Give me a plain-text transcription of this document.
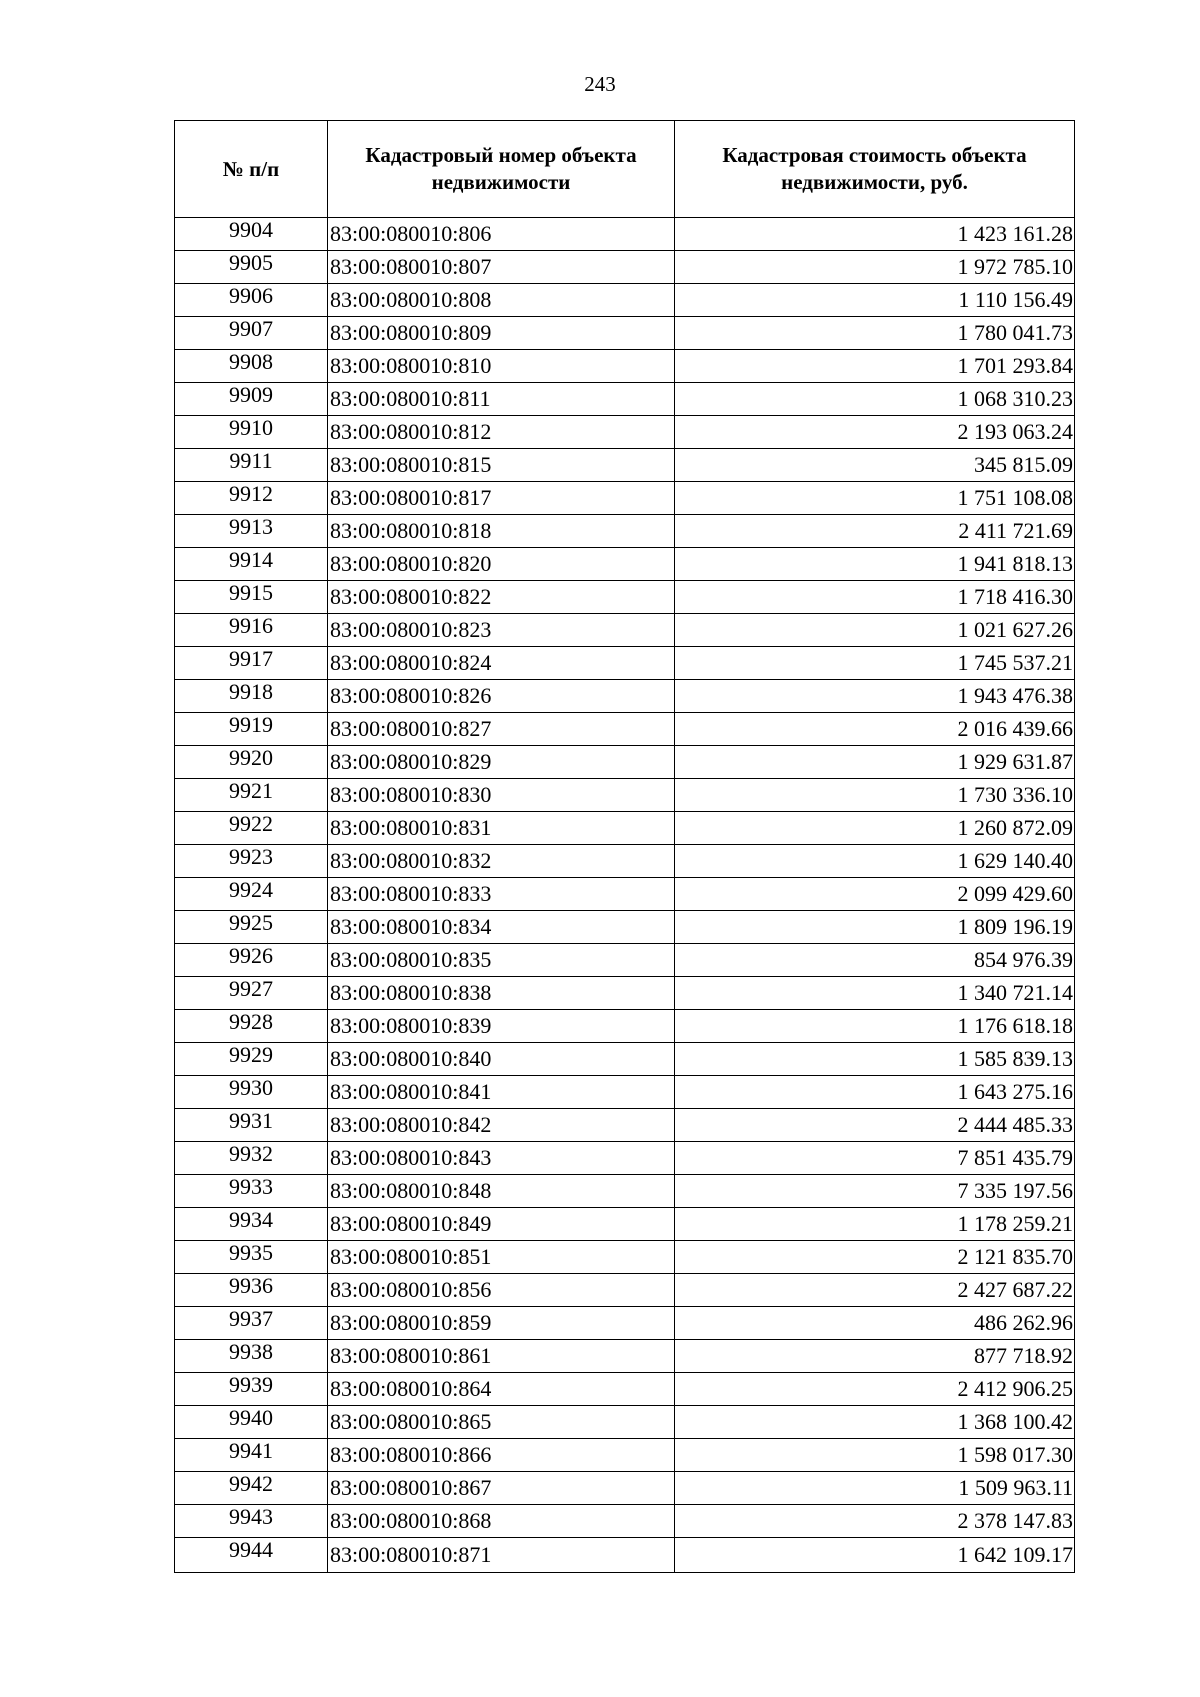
243
№ п/п	Кадастровый номер объекта недвижимости	Кадастровая стоимость объекта недвижимости, руб.
9904	83:00:080010:806	1 423 161.28
9905	83:00:080010:807	1 972 785.10
9906	83:00:080010:808	1 110 156.49
9907	83:00:080010:809	1 780 041.73
9908	83:00:080010:810	1 701 293.84
9909	83:00:080010:811	1 068 310.23
9910	83:00:080010:812	2 193 063.24
9911	83:00:080010:815	345 815.09
9912	83:00:080010:817	1 751 108.08
9913	83:00:080010:818	2 411 721.69
9914	83:00:080010:820	1 941 818.13
9915	83:00:080010:822	1 718 416.30
9916	83:00:080010:823	1 021 627.26
9917	83:00:080010:824	1 745 537.21
9918	83:00:080010:826	1 943 476.38
9919	83:00:080010:827	2 016 439.66
9920	83:00:080010:829	1 929 631.87
9921	83:00:080010:830	1 730 336.10
9922	83:00:080010:831	1 260 872.09
9923	83:00:080010:832	1 629 140.40
9924	83:00:080010:833	2 099 429.60
9925	83:00:080010:834	1 809 196.19
9926	83:00:080010:835	854 976.39
9927	83:00:080010:838	1 340 721.14
9928	83:00:080010:839	1 176 618.18
9929	83:00:080010:840	1 585 839.13
9930	83:00:080010:841	1 643 275.16
9931	83:00:080010:842	2 444 485.33
9932	83:00:080010:843	7 851 435.79
9933	83:00:080010:848	7 335 197.56
9934	83:00:080010:849	1 178 259.21
9935	83:00:080010:851	2 121 835.70
9936	83:00:080010:856	2 427 687.22
9937	83:00:080010:859	486 262.96
9938	83:00:080010:861	877 718.92
9939	83:00:080010:864	2 412 906.25
9940	83:00:080010:865	1 368 100.42
9941	83:00:080010:866	1 598 017.30
9942	83:00:080010:867	1 509 963.11
9943	83:00:080010:868	2 378 147.83
9944	83:00:080010:871	1 642 109.17
